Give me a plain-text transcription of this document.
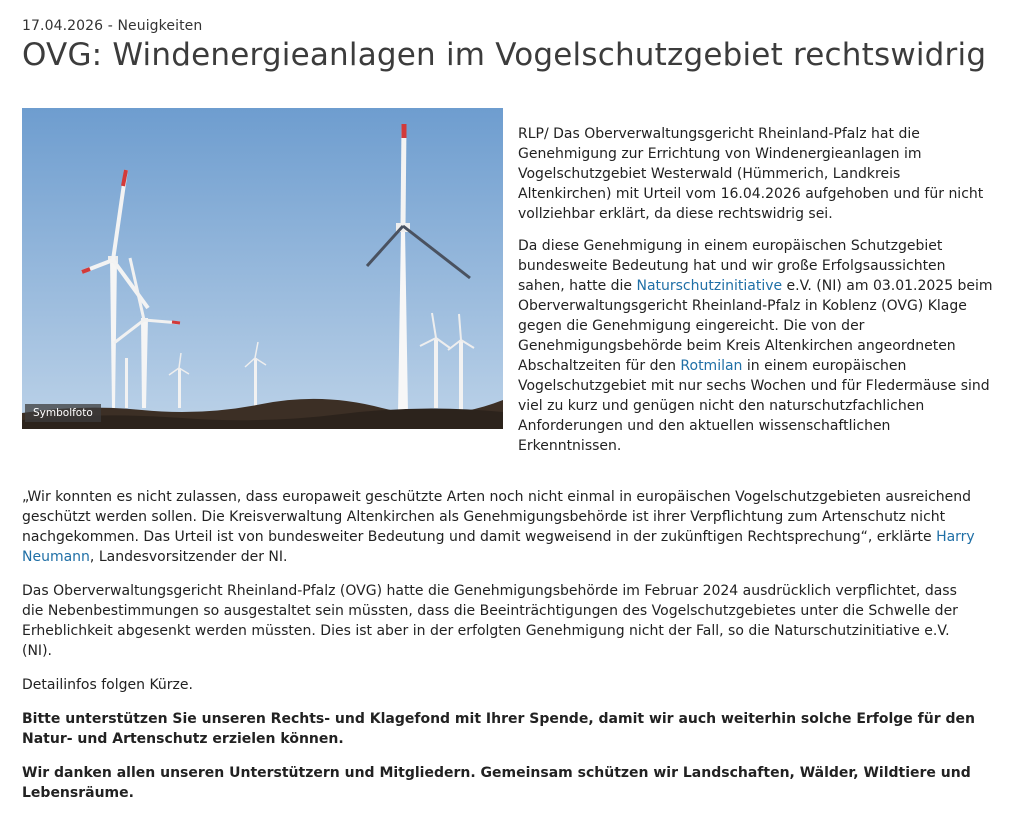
17.04.2026 - Neuigkeiten
OVG: Windenergieanlagen im Vogelschutzgebiet rechtswidrig
Symbolfoto

RLP/ Das Oberverwaltungsgericht Rheinland-Pfalz hat die Genehmigung zur Errichtung von Windenergieanlagen im Vogelschutzgebiet Westerwald (Hümmerich, Landkreis Altenkirchen) mit Urteil vom 16.04.2026 aufgehoben und für nicht vollziehbar erklärt, da diese rechtswidrig sei.

Da diese Genehmigung in einem europäischen Schutzgebiet bundesweite Bedeutung hat und wir große Erfolgsaussichten sahen, hatte die Naturschutzinitiative e.V. (NI) am 03.01.2025 beim Oberverwaltungsgericht Rheinland-Pfalz in Koblenz (OVG) Klage gegen die Genehmigung eingereicht. Die von der Genehmigungsbehörde beim Kreis Altenkirchen angeordneten Abschaltzeiten für den Rotmilan in einem europäischen Vogelschutzgebiet mit nur sechs Wochen und für Fledermäuse sind viel zu kurz und genügen nicht den naturschutzfachlichen Anforderungen und den aktuellen wissenschaftlichen Erkenntnissen.

„Wir konnten es nicht zulassen, dass europaweit geschützte Arten noch nicht einmal in europäischen Vogelschutzgebieten ausreichend geschützt werden sollen. Die Kreisverwaltung Altenkirchen als Genehmigungsbehörde ist ihrer Verpflichtung zum Artenschutz nicht nachgekommen. Das Urteil ist von bundesweiter Bedeutung und damit wegweisend in der zukünftigen Rechtsprechung“, erklärte Harry Neumann, Landesvorsitzender der NI.

Das Oberverwaltungsgericht Rheinland-Pfalz (OVG) hatte die Genehmigungsbehörde im Februar 2024 ausdrücklich verpflichtet, dass die Nebenbestimmungen so ausgestaltet sein müssten, dass die Beeinträchtigungen des Vogelschutzgebietes unter die Schwelle der Erheblichkeit abgesenkt werden müssten. Dies ist aber in der erfolgten Genehmigung nicht der Fall, so die Naturschutzinitiative e.V. (NI).

Detailinfos folgen Kürze.

Bitte unterstützen Sie unseren Rechts- und Klagefond mit Ihrer Spende, damit wir auch weiterhin solche Erfolge für den Natur- und Artenschutz erzielen können.

Wir danken allen unseren Unterstützern und Mitgliedern. Gemeinsam schützen wir Landschaften, Wälder, Wildtiere und Lebensräume.
